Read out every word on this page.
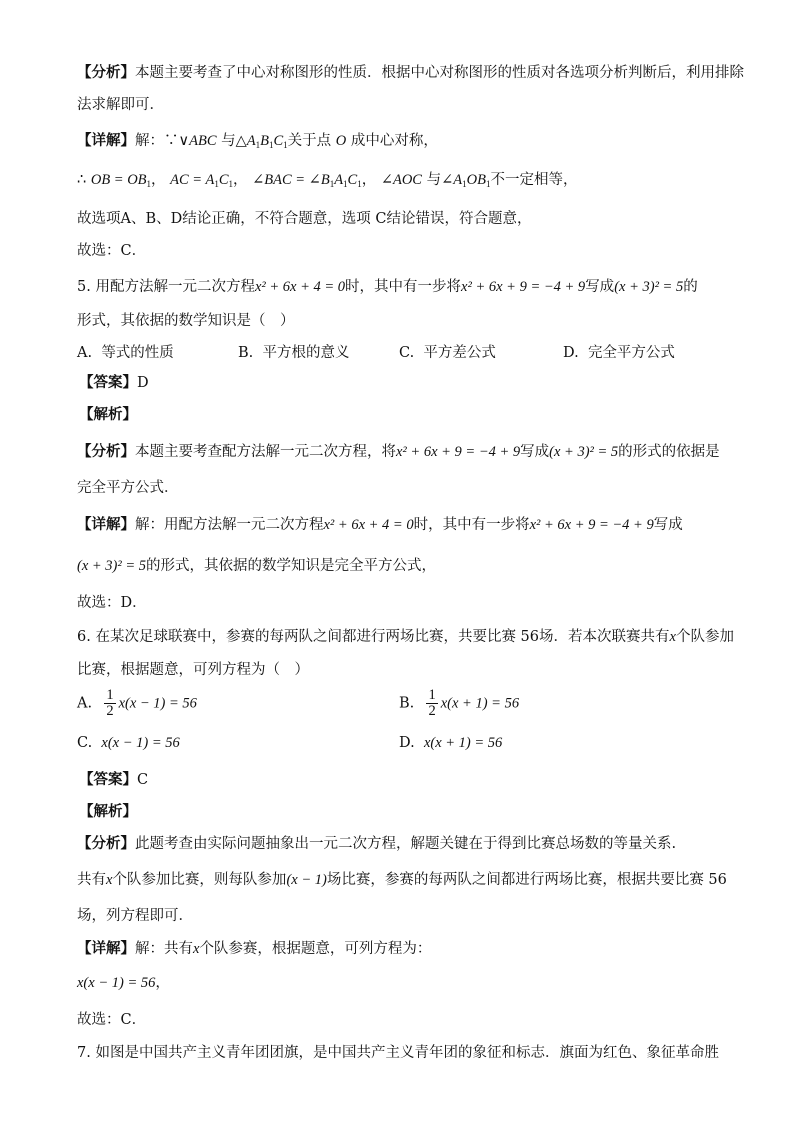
【分析】本题主要考查了中心对称图形的性质．根据中心对称图形的性质对各选项分析判断后，利用排除
法求解即可．
【详解】解：∵∨ABC 与$\triangle A_1B_1C_1$关于点 O 成中心对称，
∴ OB = $OB_1$， AC = $A_1C_1$， ∠BAC = $\angle B_1A_1C_1$， ∠AOC 与$\angle A_1OB_1$不一定相等，
故选项A、B、D结论正确，不符合题意，选项 C结论错误，符合题意，
故选：C．
5. 用配方法解一元二次方程x² + 6x + 4 = 0时，其中有一步将x² + 6x + 9 = −4 + 9写成(x + 3)² = 5的
形式，其依据的数学知识是（　）
A. 等式的性质	B. 平方根的意义	C. 平方差公式	D. 完全平方公式
【答案】D
【解析】
【分析】本题主要考查配方法解一元二次方程，将x² + 6x + 9 = −4 + 9写成(x + 3)² = 5的形式的依据是
完全平方公式．
【详解】解：用配方法解一元二次方程x² + 6x + 4 = 0时，其中有一步将x² + 6x + 9 = −4 + 9写成
(x + 3)² = 5的形式，其依据的数学知识是完全平方公式，
故选：D．
6. 在某次足球联赛中，参赛的每两队之间都进行两场比赛，共要比赛 56场．若本次联赛共有x个队参加
比赛，根据题意，可列方程为（　）
A. $\frac{1}{2} x(x - 1) = 56$	B. $\frac{1}{2} x(x + 1) = 56$
C. x(x − 1) = 56	D. x(x + 1) = 56
【答案】C
【解析】
【分析】此题考查由实际问题抽象出一元二次方程，解题关键在于得到比赛总场数的等量关系.
共有x个队参加比赛，则每队参加(x − 1)场比赛，参赛的每两队之间都进行两场比赛，根据共要比赛 56
场，列方程即可．
【详解】解：共有x个队参赛，根据题意，可列方程为：
x(x − 1) = 56，
故选：C．
7. 如图是中国共产主义青年团团旗，是中国共产主义青年团的象征和标志．旗面为红色、象征革命胜
